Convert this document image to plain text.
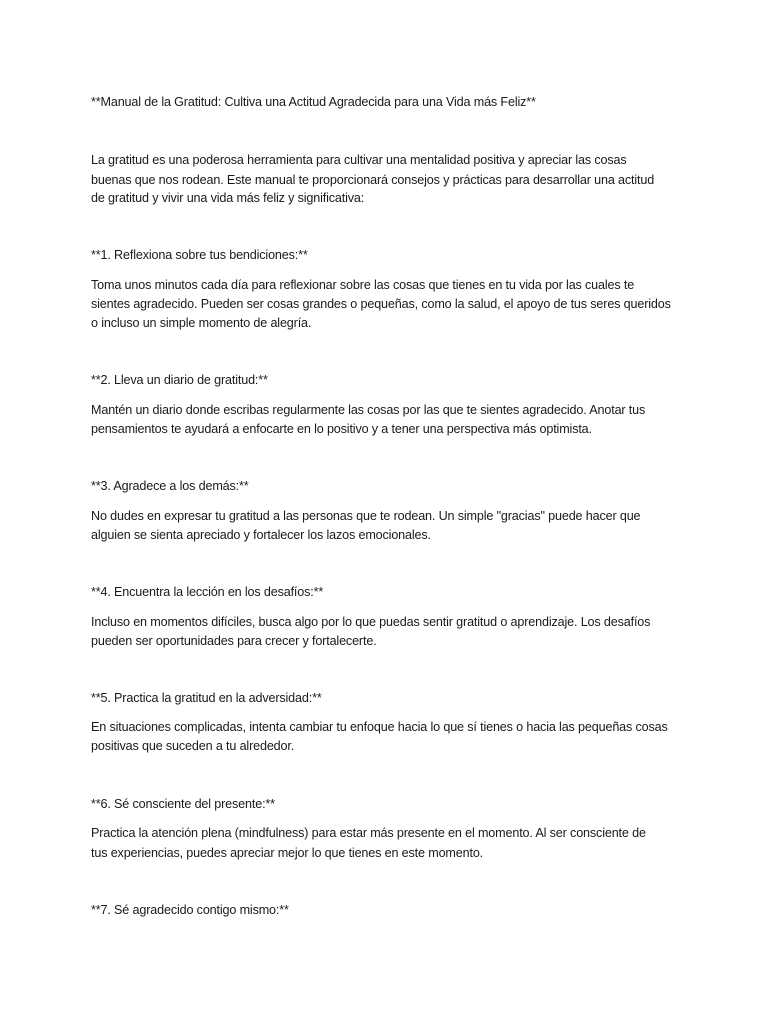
**Manual de la Gratitud: Cultiva una Actitud Agradecida para una Vida más Feliz**
La gratitud es una poderosa herramienta para cultivar una mentalidad positiva y apreciar las cosas
buenas que nos rodean. Este manual te proporcionará consejos y prácticas para desarrollar una actitud
de gratitud y vivir una vida más feliz y significativa:
**1. Reflexiona sobre tus bendiciones:**
Toma unos minutos cada día para reflexionar sobre las cosas que tienes en tu vida por las cuales te
sientes agradecido. Pueden ser cosas grandes o pequeñas, como la salud, el apoyo de tus seres queridos
o incluso un simple momento de alegría.
**2. Lleva un diario de gratitud:**
Mantén un diario donde escribas regularmente las cosas por las que te sientes agradecido. Anotar tus
pensamientos te ayudará a enfocarte en lo positivo y a tener una perspectiva más optimista.
**3. Agradece a los demás:**
No dudes en expresar tu gratitud a las personas que te rodean. Un simple "gracias" puede hacer que
alguien se sienta apreciado y fortalecer los lazos emocionales.
**4. Encuentra la lección en los desafíos:**
Incluso en momentos difíciles, busca algo por lo que puedas sentir gratitud o aprendizaje. Los desafíos
pueden ser oportunidades para crecer y fortalecerte.
**5. Practica la gratitud en la adversidad:**
En situaciones complicadas, intenta cambiar tu enfoque hacia lo que sí tienes o hacia las pequeñas cosas
positivas que suceden a tu alrededor.
**6. Sé consciente del presente:**
Practica la atención plena (mindfulness) para estar más presente en el momento. Al ser consciente de
tus experiencias, puedes apreciar mejor lo que tienes en este momento.
**7. Sé agradecido contigo mismo:**
